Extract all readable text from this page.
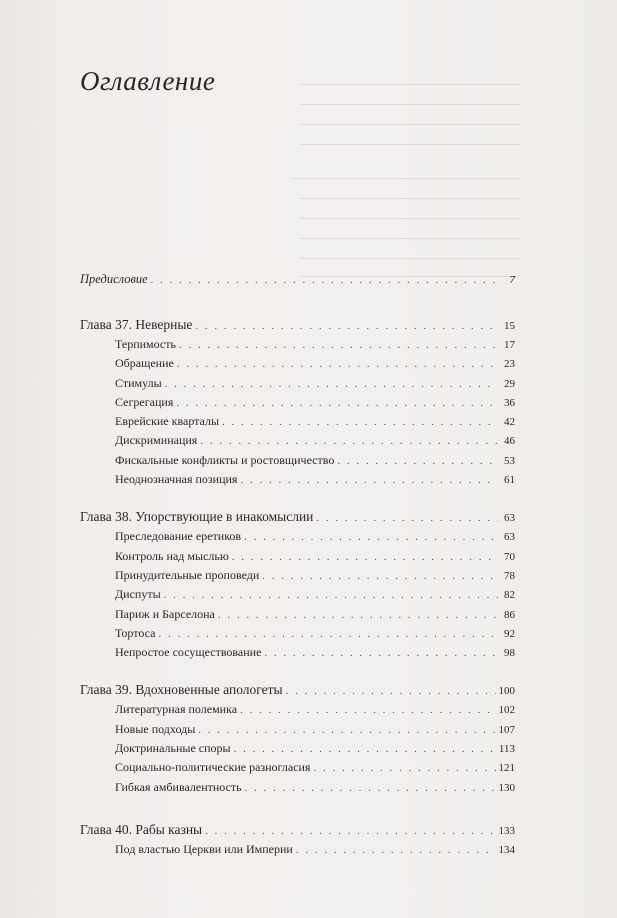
Оглавление
Предисловие . . .	7
Глава 37. Неверные . . .	15
Терпимость . . .	17
Обращение . . .	23
Стимулы . . .	29
Сегрегация . . .	36
Еврейские кварталы . . .	42
Дискриминация . . .	46
Фискальные конфликты и ростовщичество . . .	53
Неоднозначная позиция . . .	61
Глава 38. Упорствующие в инакомыслии . . .	63
Преследование еретиков . . .	63
Контроль над мыслью . . .	70
Принудительные проповеди . . .	78
Диспуты . . .	82
Париж и Барселона . . .	86
Тортоса . . .	92
Непростое сосуществование . . .	98
Глава 39. Вдохновенные апологеты . . .	100
Литературная полемика . . .	102
Новые подходы . . .	107
Доктринальные споры . . .	113
Социально-политические разногласия . . .	121
Гибкая амбивалентность . . .	130
Глава 40. Рабы казны . . .	133
Под властью Церкви или Империи . . .	134
